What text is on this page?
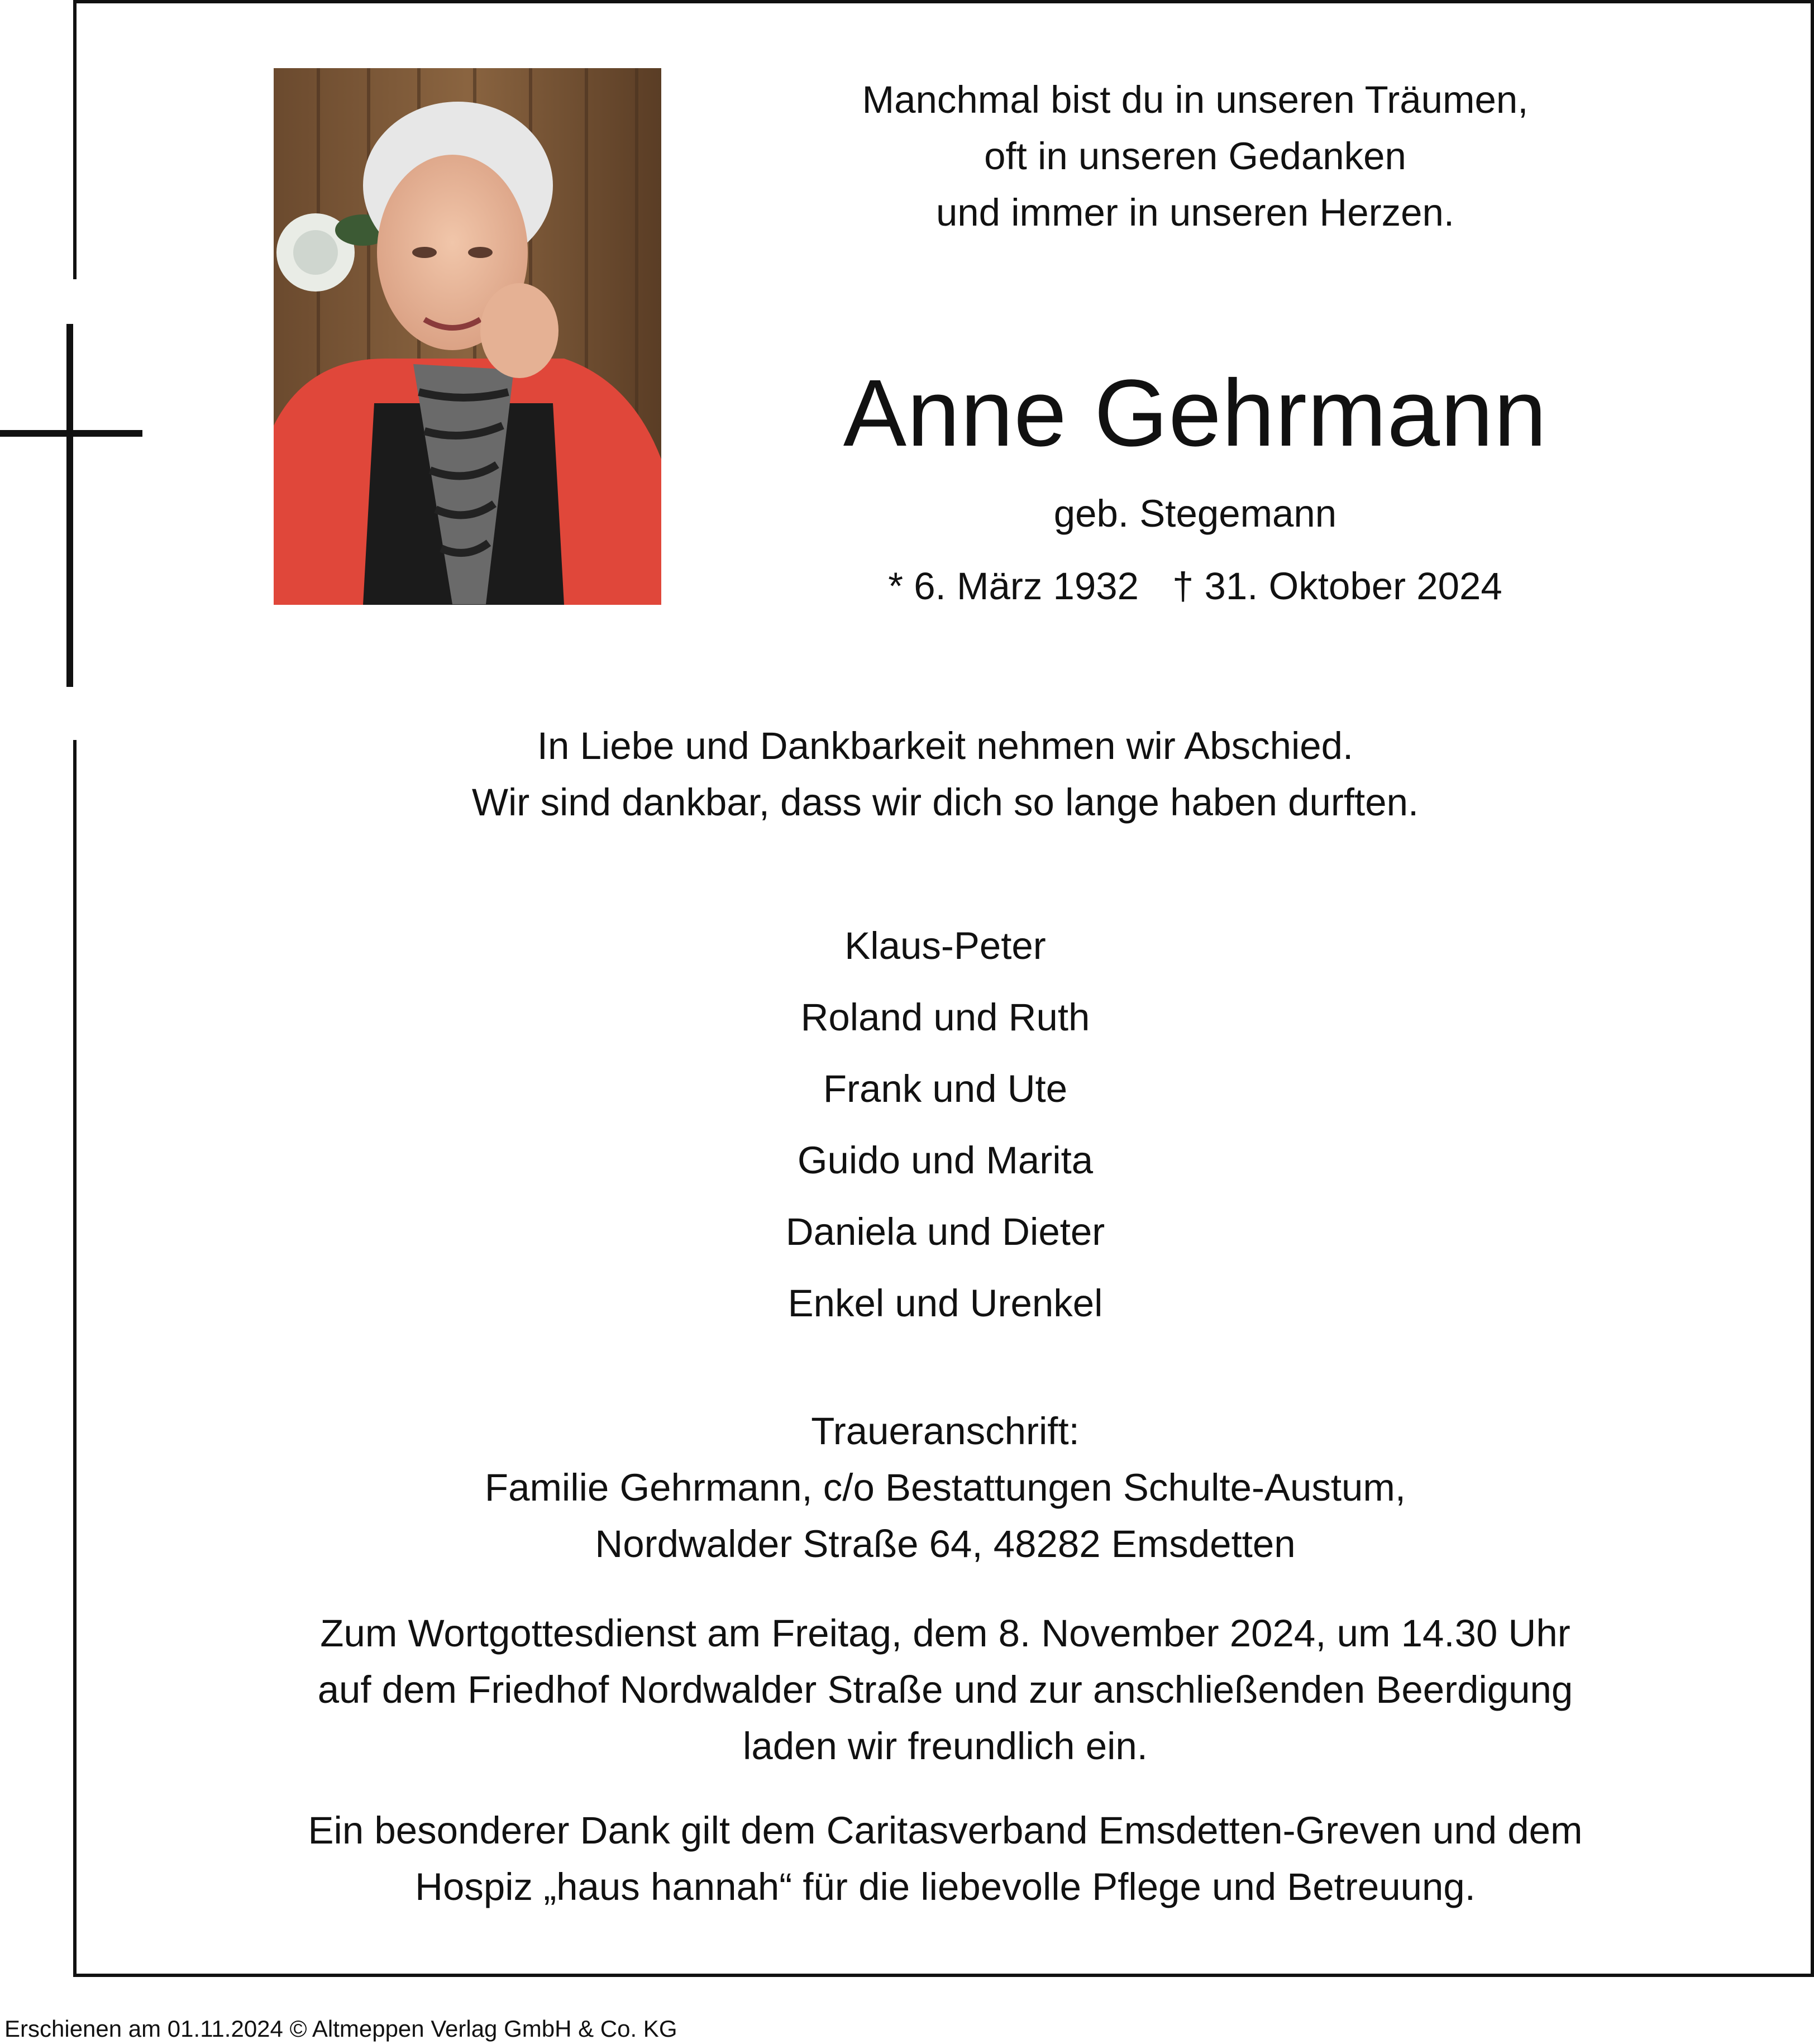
Manchmal bist du in unseren Träumen,
oft in unseren Gedanken
und immer in unseren Herzen.
Anne Gehrmann
geb. Stegemann
* 6. März 1932 † 31. Oktober 2024
In Liebe und Dankbarkeit nehmen wir Abschied.
Wir sind dankbar, dass wir dich so lange haben durften.
Klaus-Peter
Roland und Ruth
Frank und Ute
Guido und Marita
Daniela und Dieter
Enkel und Urenkel
Traueranschrift:
Familie Gehrmann, c/o Bestattungen Schulte-Austum,
Nordwalder Straße 64, 48282 Emsdetten
Zum Wortgottesdienst am Freitag, dem 8. November 2024, um 14.30 Uhr
auf dem Friedhof Nordwalder Straße und zur anschließenden Beerdigung
laden wir freundlich ein.
Ein besonderer Dank gilt dem Caritasverband Emsdetten-Greven und dem
Hospiz „haus hannah“ für die liebevolle Pflege und Betreuung.
Erschienen am 01.11.2024 © Altmeppen Verlag GmbH & Co. KG
